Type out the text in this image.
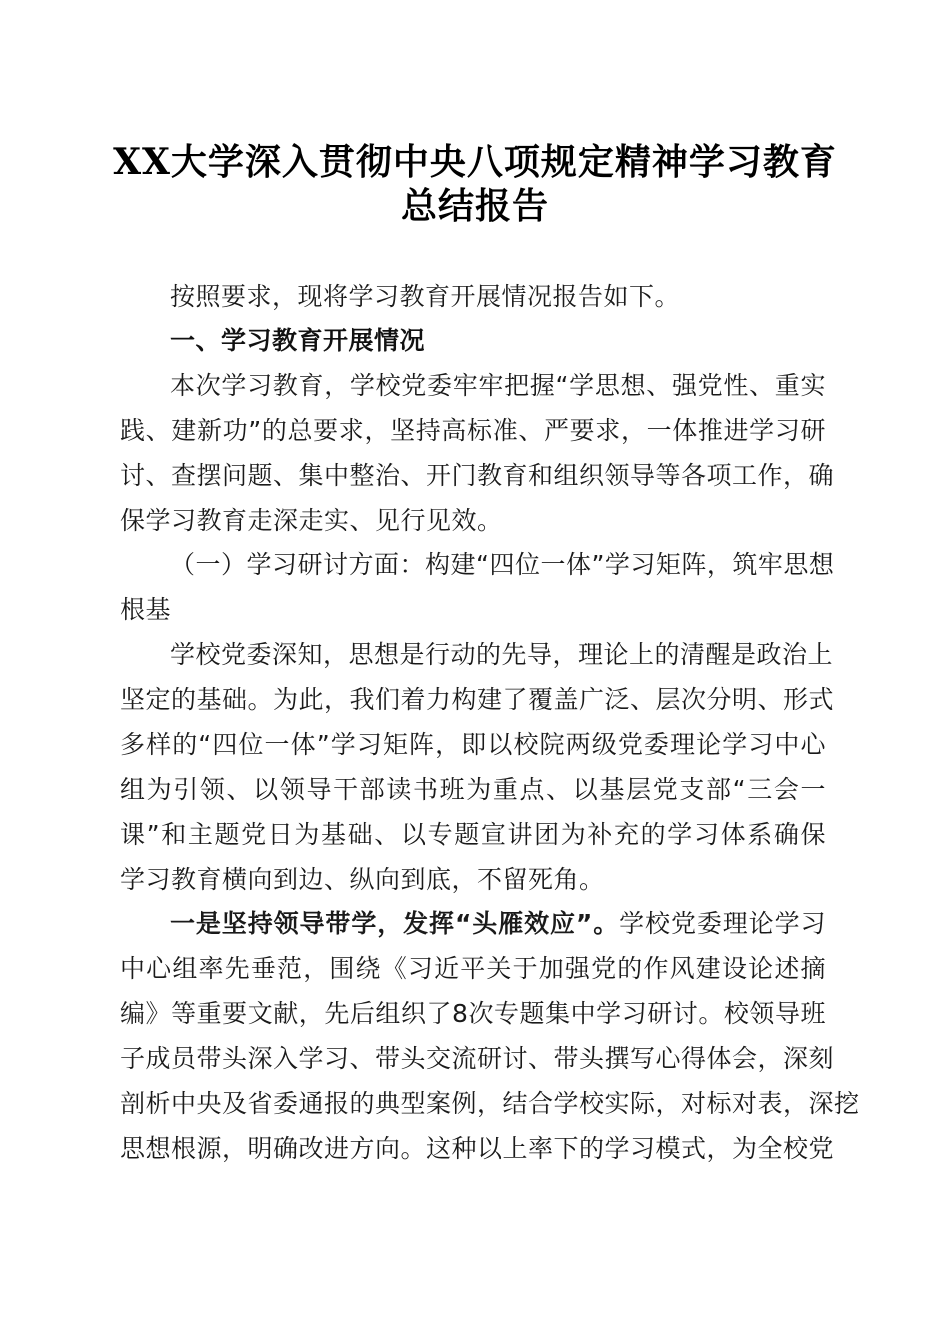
XX大学深入贯彻中央八项规定精神学习教育
总结报告

按照要求，现将学习教育开展情况报告如下。

一、学习教育开展情况

本次学习教育，学校党委牢牢把握“学思想、强党性、重实

践、建新功”的总要求，坚持高标准、严要求，一体推进学习研

讨、查摆问题、集中整治、开门教育和组织领导等各项工作，确

保学习教育走深走实、见行见效。

（一）学习研讨方面：构建“四位一体”学习矩阵，筑牢思想

根基

学校党委深知，思想是行动的先导，理论上的清醒是政治上

坚定的基础。为此，我们着力构建了覆盖广泛、层次分明、形式

多样的“四位一体”学习矩阵，即以校院两级党委理论学习中心

组为引领、以领导干部读书班为重点、以基层党支部“三会一

课”和主题党日为基础、以专题宣讲团为补充的学习体系确保

学习教育横向到边、纵向到底，不留死角。

一是坚持领导带学，发挥“头雁效应”。学校党委理论学习

中心组率先垂范，围绕《习近平关于加强党的作风建设论述摘

编》等重要文献，先后组织了8次专题集中学习研讨。校领导班

子成员带头深入学习、带头交流研讨、带头撰写心得体会，深刻

剖析中央及省委通报的典型案例，结合学校实际，对标对表，深挖

思想根源，明确改进方向。这种以上率下的学习模式，为全校党
